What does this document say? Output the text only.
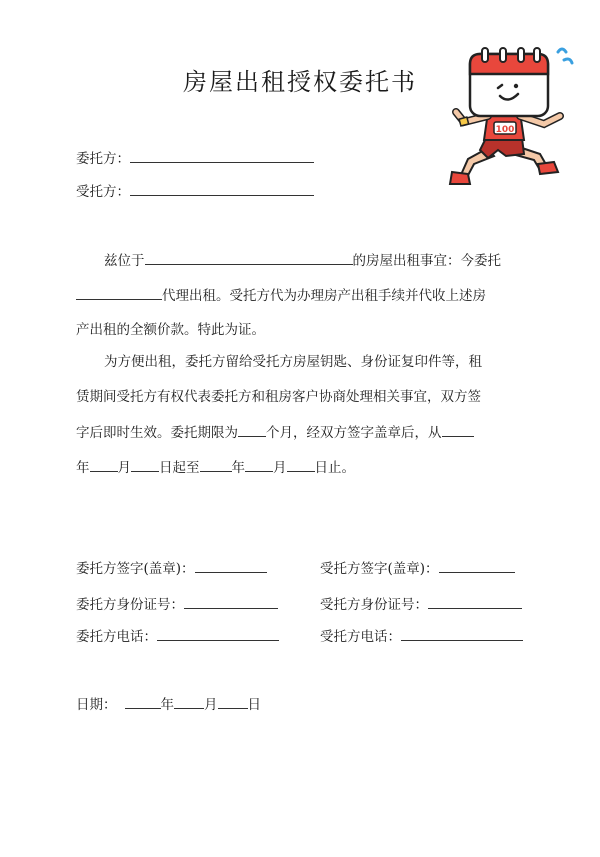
房屋出租授权委托书
100
委托方：
受托方：
兹位于	的房屋出租事宜：今委托
代理出租。受托方代为办理房产出租手续并代收上述房
产出租的全额价款。特此为证。
为方便出租，委托方留给受托方房屋钥匙、身份证复印件等，租
赁期间受托方有权代表委托方和租房客户协商处理相关事宜，双方签
字后即时生效。委托期限为 个月，经双方签字盖章后，从
年 月 日起至 年 月 日止。
委托方签字(盖章)：
委托方身份证号：
委托方电话：
受托方签字(盖章)：
受托方身份证号：
受托方电话：
日期：	年 月 日
